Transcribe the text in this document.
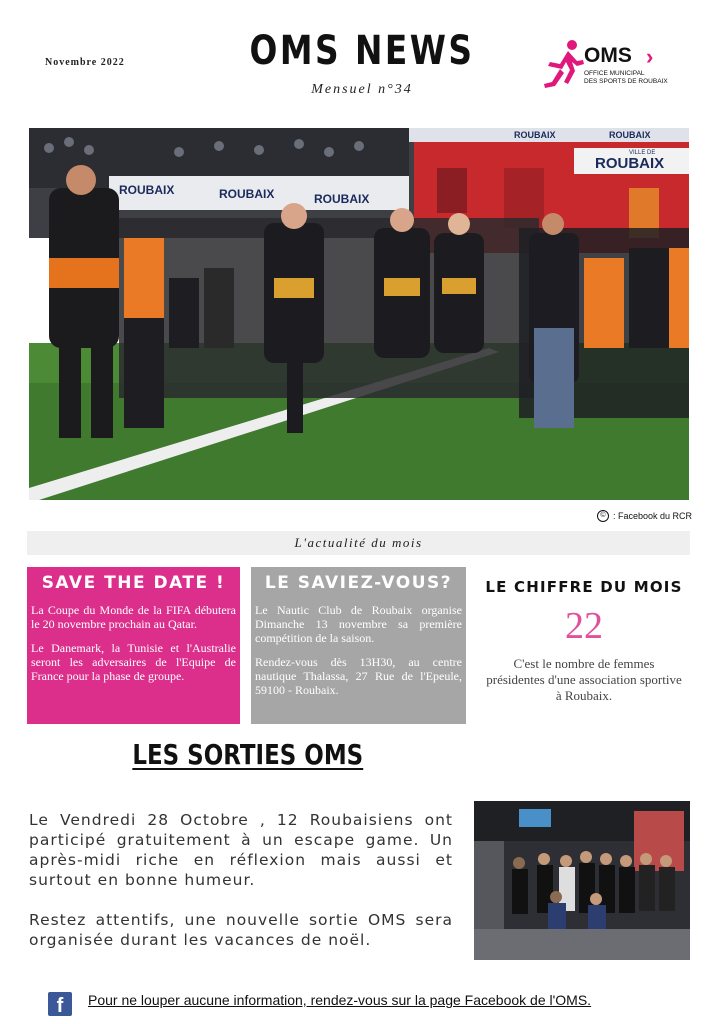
Novembre 2022	OMS NEWS
Mensuel n°34
OMS ›
OFFICE MUNICIPAL
DES SPORTS DE ROUBAIX
ROUBAIX	ROUBAIX	ROUBAIX
ROUBAIX	ROUBAIX
ROUBAIX
VILLE DE
© : Facebook du RCR
L'actualité du mois
SAVE THE DATE !

La Coupe du Monde de la FIFA débutera le 20 novembre prochain au Qatar.

Le Danemark, la Tunisie et l'Australie seront les adversaires de l'Equipe de France pour la phase de groupe.

LE SAVIEZ-VOUS?

Le Nautic Club de Roubaix organise Dimanche 13 novembre sa première compétition de la saison.

Rendez-vous dès 13H30, au centre nautique Thalassa, 27 Rue de l'Epeule, 59100 - Roubaix.

LE CHIFFRE DU MOIS
22
C'est le nombre de femmes présidentes d'une association sportive à Roubaix.
LES SORTIES OMS

Le Vendredi 28 Octobre , 12 Roubaisiens ont participé gratuitement à un escape game. Un après-midi riche en réflexion mais aussi et surtout en bonne humeur.

Restez attentifs, une nouvelle sortie OMS sera organisée durant les vacances de noël.

f	Pour ne louper aucune information, rendez-vous sur la page Facebook de l'OMS.
